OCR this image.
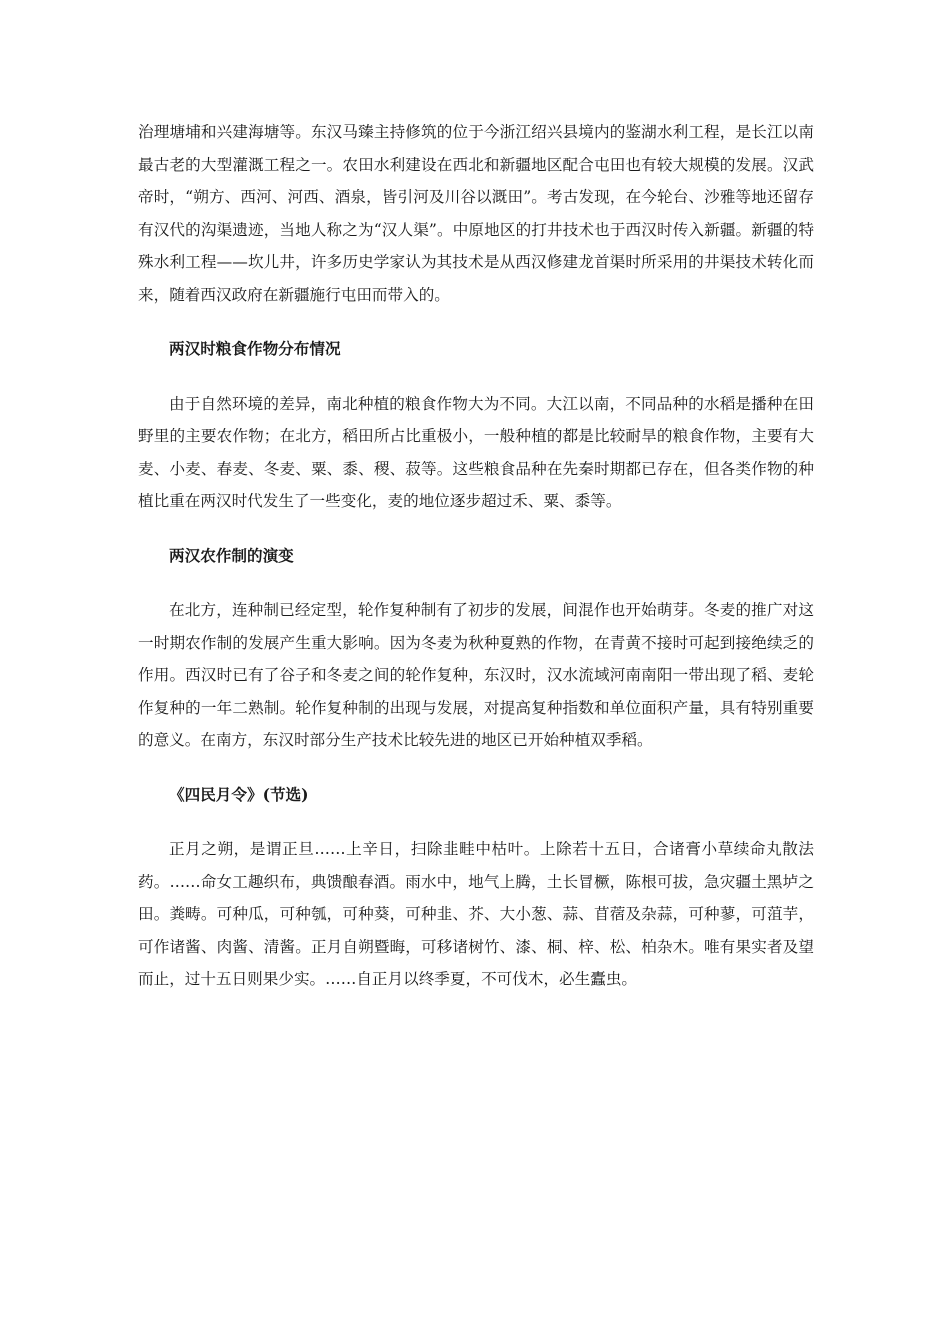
治理塘埔和兴建海塘等。东汉马臻主持修筑的位于今浙江绍兴县境内的鉴湖水利工程，是长江以南最古老的大型灌溉工程之一。农田水利建设在西北和新疆地区配合屯田也有较大规模的发展。汉武帝时，“朔方、西河、河西、酒泉，皆引河及川谷以溉田”。考古发现，在今轮台、沙雅等地还留存有汉代的沟渠遗迹，当地人称之为“汉人渠”。中原地区的打井技术也于西汉时传入新疆。新疆的特殊水利工程——坎儿井，许多历史学家认为其技术是从西汉修建龙首渠时所采用的井渠技术转化而来，随着西汉政府在新疆施行屯田而带入的。

两汉时粮食作物分布情况

由于自然环境的差异，南北种植的粮食作物大为不同。大江以南，不同品种的水稻是播种在田野里的主要农作物；在北方，稻田所占比重极小，一般种植的都是比较耐旱的粮食作物，主要有大麦、小麦、春麦、冬麦、粟、黍、稷、菽等。这些粮食品种在先秦时期都已存在，但各类作物的种植比重在两汉时代发生了一些变化，麦的地位逐步超过禾、粟、黍等。

两汉农作制的演变

在北方，连种制已经定型，轮作复种制有了初步的发展，间混作也开始萌芽。冬麦的推广对这一时期农作制的发展产生重大影响。因为冬麦为秋种夏熟的作物，在青黄不接时可起到接绝续乏的作用。西汉时已有了谷子和冬麦之间的轮作复种，东汉时，汉水流域河南南阳一带出现了稻、麦轮作复种的一年二熟制。轮作复种制的出现与发展，对提高复种指数和单位面积产量，具有特别重要的意义。在南方，东汉时部分生产技术比较先进的地区已开始种植双季稻。

《四民月令》(节选)

正月之朔，是谓正旦……上辛日，扫除韭畦中枯叶。上除若十五日，合诸膏小草续命丸散法药。……命女工趣织布，典馈酿春酒。雨水中，地气上腾，土长冒橛，陈根可拔，急灾疆土黑垆之田。粪畴。可种瓜，可种瓠，可种葵，可种韭、芥、大小葱、蒜、苜蓿及杂蒜，可种蓼，可菹芋，可作诸酱、肉酱、清酱。正月自朔暨晦，可移诸树竹、漆、桐、梓、松、柏杂木。唯有果实者及望而止，过十五日则果少实。……自正月以终季夏，不可伐木，必生蠹虫。
